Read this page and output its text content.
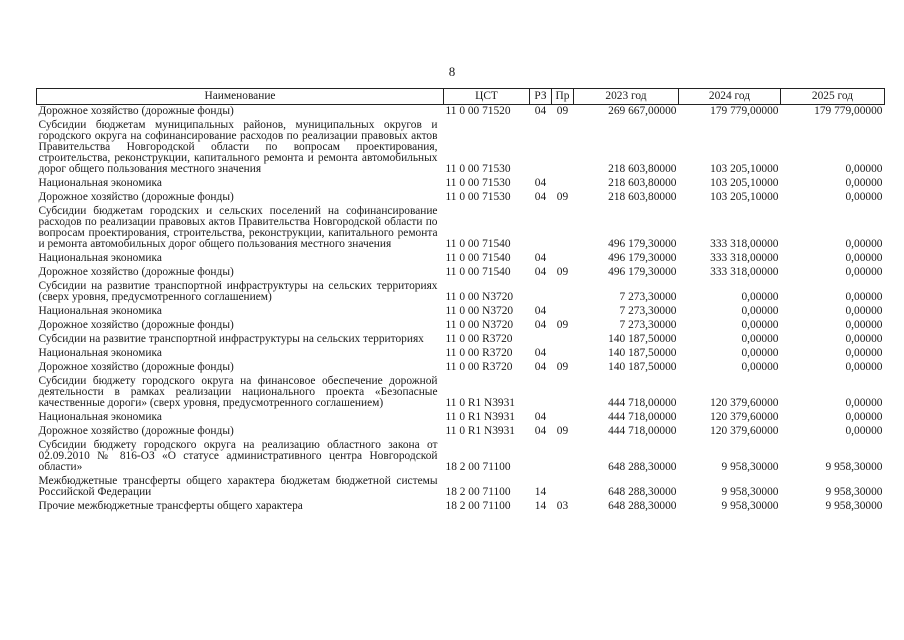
8
Наименование	ЦСТ	РЗ	Пр	2023 год	2024 год	2025 год
Дорожное хозяйство (дорожные фонды)	11 0 00 71520	04	09	269 667,00000	179 779,00000	179 779,00000
Субсидии бюджетам муниципальных районов, муниципальных округов и городского округа на софинансирование расходов по реализации правовых актов Правительства Новгородской области по вопросам проектирования, строительства, реконструкции, капитального ремонта и ремонта автомобильных дорог общего пользования местного значения	11 0 00 71530			218 603,80000	103 205,10000	0,00000
Национальная экономика	11 0 00 71530	04		218 603,80000	103 205,10000	0,00000
Дорожное хозяйство (дорожные фонды)	11 0 00 71530	04	09	218 603,80000	103 205,10000	0,00000
Субсидии бюджетам городских и сельских поселений на софинансирование расходов по реализации правовых актов Правительства Новгородской области по вопросам проектирования, строительства, реконструкции, капитального ремонта и ремонта автомобильных дорог общего пользования местного значения	11 0 00 71540			496 179,30000	333 318,00000	0,00000
Национальная экономика	11 0 00 71540	04		496 179,30000	333 318,00000	0,00000
Дорожное хозяйство (дорожные фонды)	11 0 00 71540	04	09	496 179,30000	333 318,00000	0,00000
Субсидии на развитие транспортной инфраструктуры на сельских территориях (сверх уровня, предусмотренного соглашением)	11 0 00 N3720			7 273,30000	0,00000	0,00000
Национальная экономика	11 0 00 N3720	04		7 273,30000	0,00000	0,00000
Дорожное хозяйство (дорожные фонды)	11 0 00 N3720	04	09	7 273,30000	0,00000	0,00000
Субсидии на развитие транспортной инфраструктуры на сельских территориях	11 0 00 R3720			140 187,50000	0,00000	0,00000
Национальная экономика	11 0 00 R3720	04		140 187,50000	0,00000	0,00000
Дорожное хозяйство (дорожные фонды)	11 0 00 R3720	04	09	140 187,50000	0,00000	0,00000
Субсидии бюджету городского округа на финансовое обеспечение дорожной деятельности в рамках реализации национального проекта «Безопасные качественные дороги» (сверх уровня, предусмотренного соглашением)	11 0 R1 N3931			444 718,00000	120 379,60000	0,00000
Национальная экономика	11 0 R1 N3931	04		444 718,00000	120 379,60000	0,00000
Дорожное хозяйство (дорожные фонды)	11 0 R1 N3931	04	09	444 718,00000	120 379,60000	0,00000
Субсидии бюджету городского округа на реализацию областного закона от 02.09.2010 № 816-ОЗ «О статусе административного центра Новгородской области»	18 2 00 71100			648 288,30000	9 958,30000	9 958,30000
Межбюджетные трансферты общего характера бюджетам бюджетной системы Российской Федерации	18 2 00 71100	14		648 288,30000	9 958,30000	9 958,30000
Прочие межбюджетные трансферты общего характера	18 2 00 71100	14	03	648 288,30000	9 958,30000	9 958,30000
